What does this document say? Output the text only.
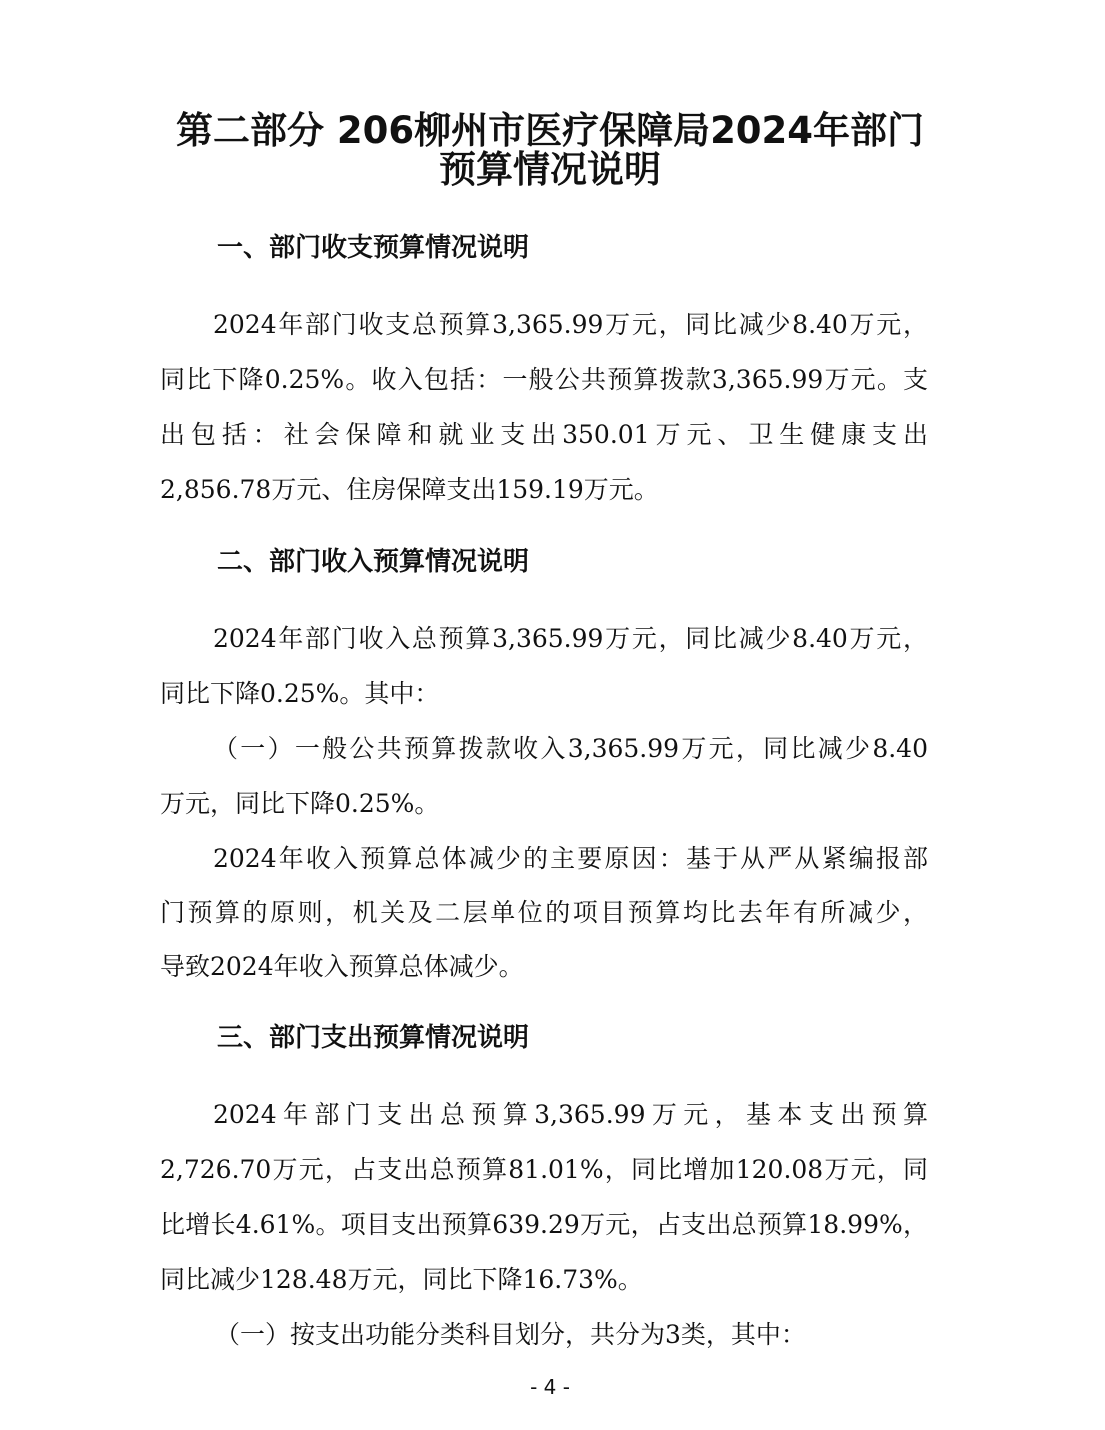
第二部分 206柳州市医疗保障局2024年部门
预算情况说明
一、部门收支预算情况说明

2024年部门收支总预算3,365.99万元，同比减少8.40万元，

同比下降0.25%。收入包括：一般公共预算拨款3,365.99万元。支

出包括：社会保障和就业支出350.01万元、卫生健康支出

2,856.78万元、住房保障支出159.19万元。

二、部门收入预算情况说明

2024年部门收入总预算3,365.99万元，同比减少8.40万元，

同比下降0.25%。其中：

（一）一般公共预算拨款收入3,365.99万元，同比减少8.40

万元，同比下降0.25%。

2024年收入预算总体减少的主要原因：基于从严从紧编报部

门预算的原则，机关及二层单位的项目预算均比去年有所减少，

导致2024年收入预算总体减少。

三、部门支出预算情况说明

2024年部门支出总预算3,365.99万元，基本支出预算

2,726.70万元，占支出总预算81.01%，同比增加120.08万元，同

比增长4.61%。项目支出预算639.29万元，占支出总预算18.99%，

同比减少128.48万元，同比下降16.73%。

（一）按支出功能分类科目划分，共分为3类，其中：

- 4 -
